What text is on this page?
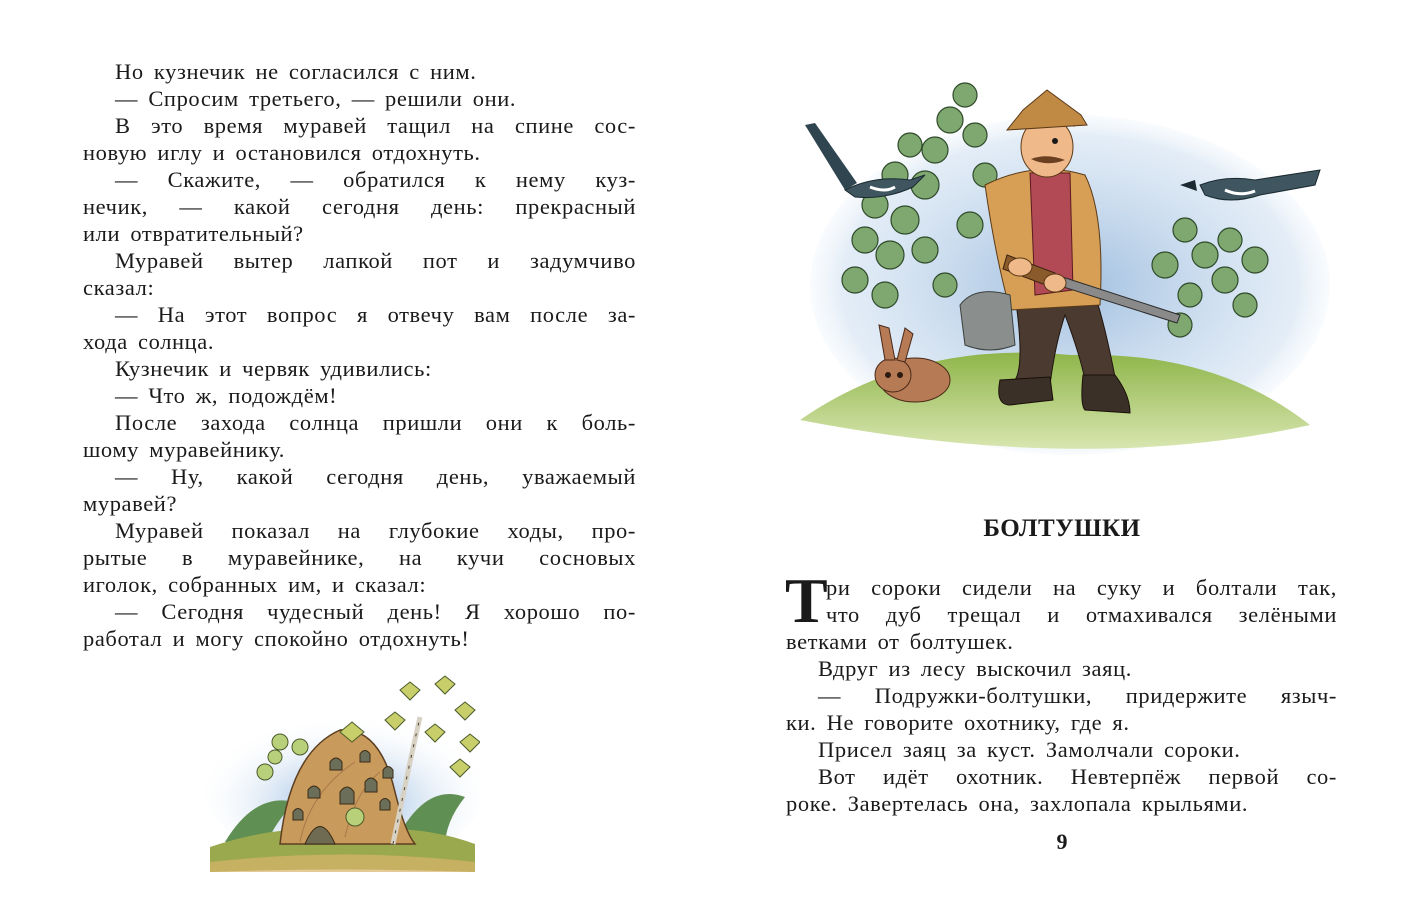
Но кузнечик не согласился с ним.
— Спросим третьего, — решили они.
В это время муравей тащил на спине сос-
новую иглу и остановился отдохнуть.
— Скажите, — обратился к нему куз-
нечик, — какой сегодня день: прекрасный
или отвратительный?
Муравей вытер лапкой пот и задумчиво
сказал:
— На этот вопрос я отвечу вам после за-
хода солнца.
Кузнечик и червяк удивились:
— Что ж, подождём!
После захода солнца пришли они к боль-
шому муравейнику.
— Ну, какой сегодня день, уважаемый
муравей?
Муравей показал на глубокие ходы, про-
рытые в муравейнике, на кучи сосновых
иголок, собранных им, и сказал:
— Сегодня чудесный день! Я хорошо по-
работал и могу спокойно отдохнуть!
БОЛТУШКИ
Т
ри сороки сидели на суку и болтали так,
что дуб трещал и отмахивался зелёными
ветками от болтушек.
Вдруг из лесу выскочил заяц.
— Подружки-болтушки, придержите языч-
ки. Не говорите охотнику, где я.
Присел заяц за куст. Замолчали сороки.
Вот идёт охотник. Невтерпёж первой со-
роке. Завертелась она, захлопала крыльями.
9
